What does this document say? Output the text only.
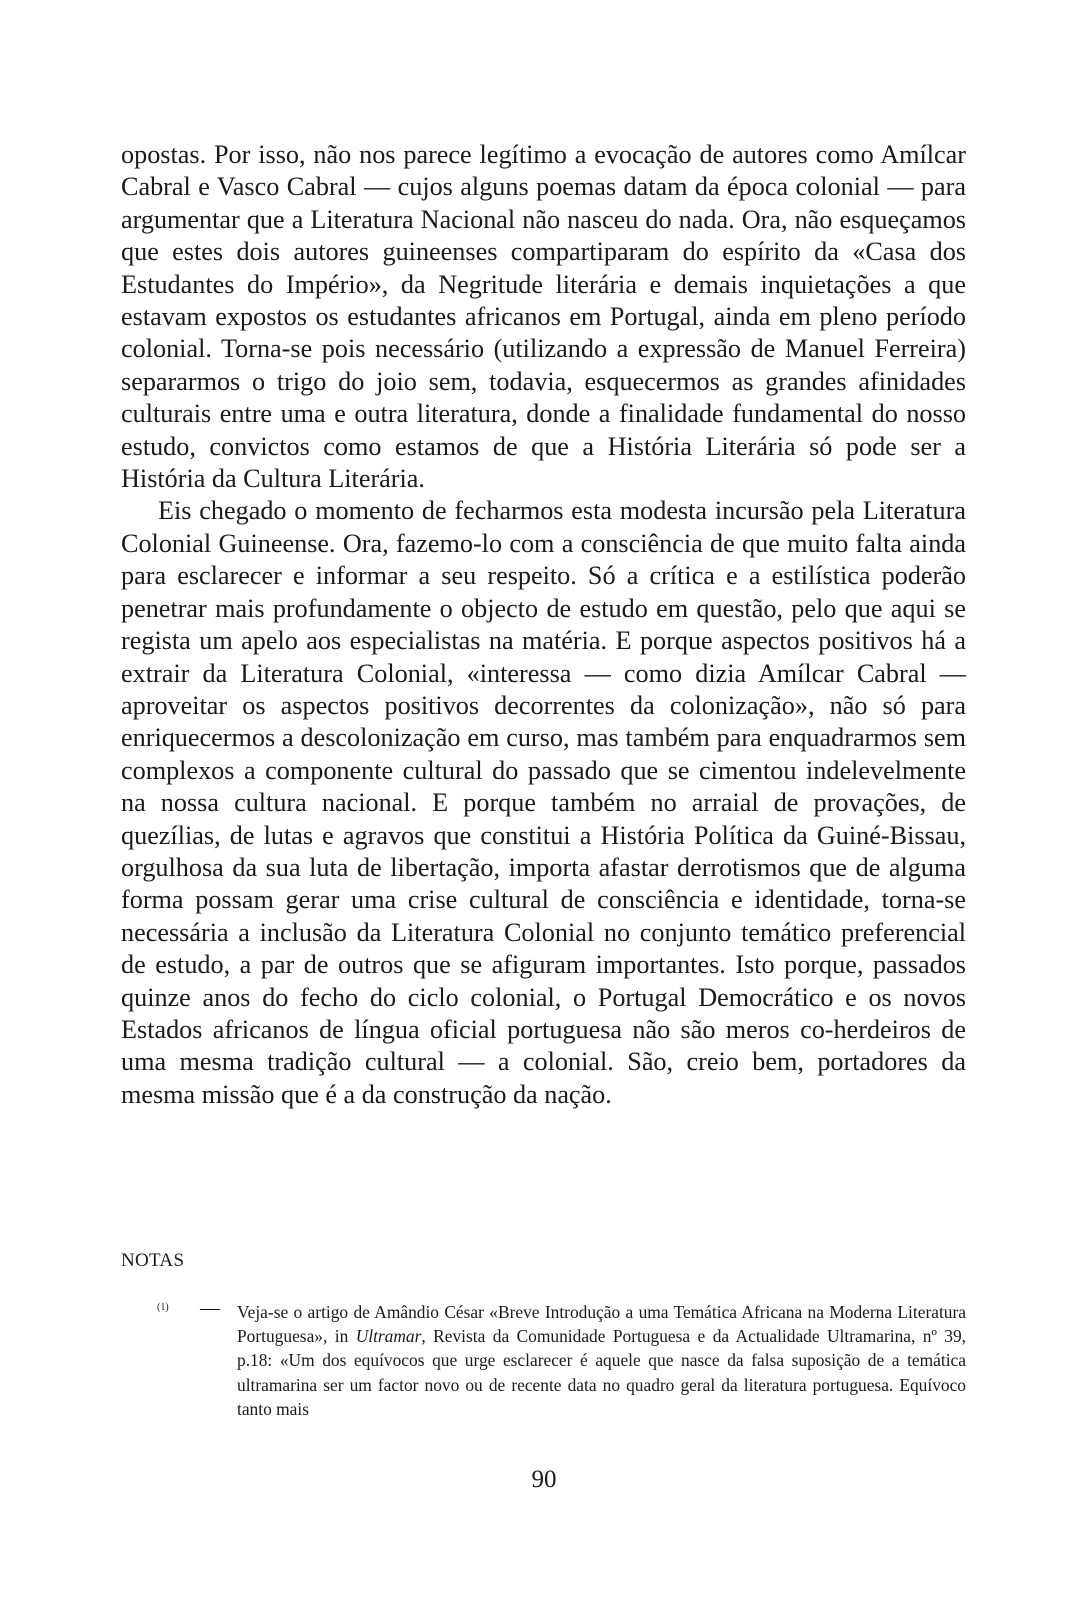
opostas. Por isso, não nos parece legítimo a evocação de autores como Amílcar Cabral e Vasco Cabral — cujos alguns poemas datam da época colonial — para argumentar que a Literatura Nacional não nasceu do nada. Ora, não esqueçamos que estes dois autores guineenses compartiparam do espírito da «Casa dos Estudantes do Império», da Negritude literária e demais inquietações a que estavam expostos os estudantes africanos em Portugal, ainda em pleno período colonial. Torna-se pois necessário (utilizando a expressão de Manuel Ferreira) separarmos o trigo do joio sem, todavia, esquecermos as grandes afinidades culturais entre uma e outra literatura, donde a finalidade fundamental do nosso estudo, convictos como estamos de que a História Literária só pode ser a História da Cultura Literária.

Eis chegado o momento de fecharmos esta modesta incursão pela Literatura Colonial Guineense. Ora, fazemo-lo com a consciência de que muito falta ainda para esclarecer e informar a seu respeito. Só a crítica e a estilística poderão penetrar mais profundamente o objecto de estudo em questão, pelo que aqui se regista um apelo aos especialistas na matéria. E porque aspectos positivos há a extrair da Literatura Colonial, «interessa — como dizia Amílcar Cabral — aproveitar os aspectos positivos decorrentes da colonização», não só para enriquecermos a descolonização em curso, mas também para enquadrarmos sem complexos a componente cultural do passado que se cimentou indelevelmente na nossa cultura nacional. E porque também no arraial de provações, de quezílias, de lutas e agravos que constitui a História Política da Guiné-Bissau, orgulhosa da sua luta de libertação, importa afastar derrotismos que de alguma forma possam gerar uma crise cultural de consciência e identidade, torna-se necessária a inclusão da Literatura Colonial no conjunto temático preferencial de estudo, a par de outros que se afiguram importantes. Isto porque, passados quinze anos do fecho do ciclo colonial, o Portugal Democrático e os novos Estados africanos de língua oficial portuguesa não são meros co-herdeiros de uma mesma tradição cultural — a colonial. São, creio bem, portadores da mesma missão que é a da construção da nação.

NOTAS
(1) — Veja-se o artigo de Amândio César «Breve Introdução a uma Temática Africana na Moderna Literatura Portuguesa», in Ultramar, Revista da Comunidade Portuguesa e da Actualidade Ultramarina, nº 39, p.18: «Um dos equívocos que urge esclarecer é aquele que nasce da falsa suposição de a temática ultramarina ser um factor novo ou de recente data no quadro geral da literatura portuguesa. Equívoco tanto mais
90
